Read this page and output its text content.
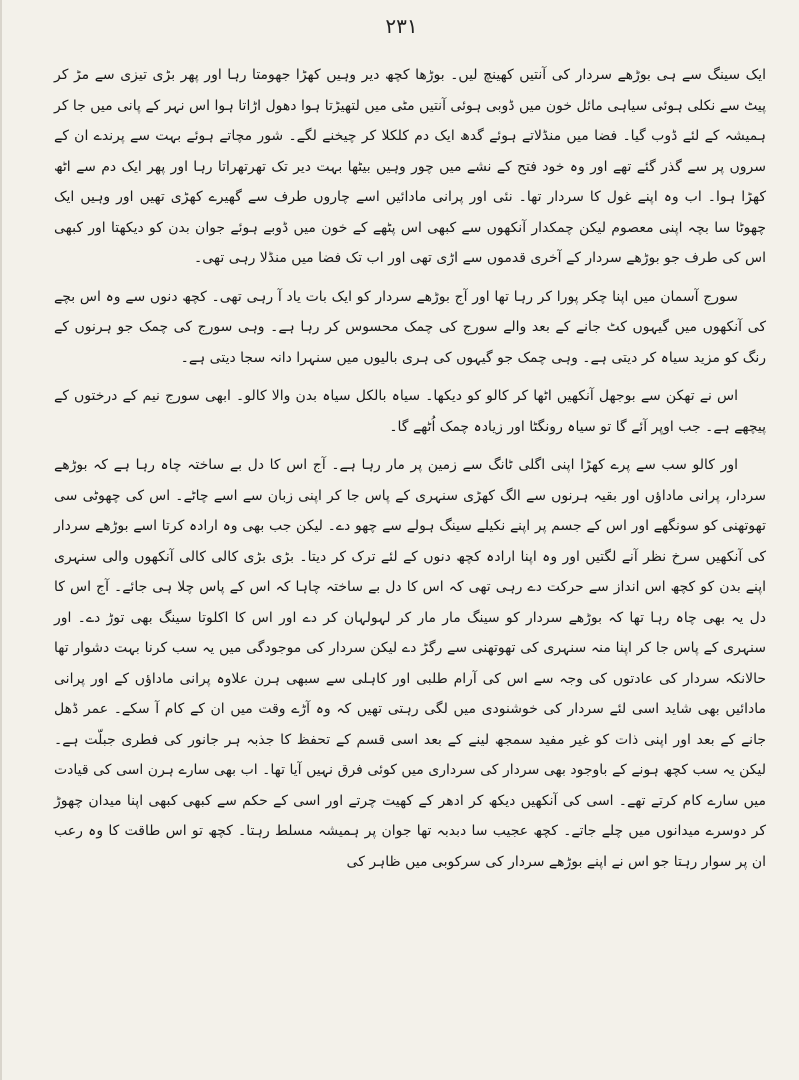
۲۳۱

ایک سینگ سے ہی بوڑھے سردار کی آنتیں کھینچ لیں۔ بوڑھا کچھ دیر وہیں کھڑا جھومتا رہا اور پھر بڑی تیزی سے مڑ کر پیٹ سے نکلی ہوئی سیاہی مائل خون میں ڈوبی ہوئی آنتیں مٹی میں لتھیڑتا ہوا دھول اڑاتا ہوا اس نہر کے پانی میں جا کر ہمیشہ کے لئے ڈوب گیا۔ فضا میں منڈلاتے ہوئے گدھ ایک دم کلکلا کر چیخنے لگے۔ شور مچاتے ہوئے بہت سے پرندے ان کے سروں پر سے گذر گئے تھے اور وہ خود فتح کے نشے میں چور وہیں بیٹھا بہت دیر تک تھرتھراتا رہا اور پھر ایک دم سے اٹھ کھڑا ہوا۔ اب وہ اپنے غول کا سردار تھا۔ نئی اور پرانی مادائیں اسے چاروں طرف سے گھیرے کھڑی تھیں اور وہیں ایک چھوٹا سا بچہ اپنی معصوم لیکن چمکدار آنکھوں سے کبھی اس پٹھے کے خون میں ڈوبے ہوئے جوان بدن کو دیکھتا اور کبھی اس کی طرف جو بوڑھے سردار کے آخری قدموں سے اڑی تھی اور اب تک فضا میں منڈلا رہی تھی۔

سورج آسمان میں اپنا چکر پورا کر رہا تھا اور آج بوڑھے سردار کو ایک بات یاد آ رہی تھی۔ کچھ دنوں سے وہ اس بچے کی آنکھوں میں گیہوں کٹ جانے کے بعد والے سورج کی چمک محسوس کر رہا ہے۔ وہی سورج کی چمک جو ہرنوں کے رنگ کو مزید سیاہ کر دیتی ہے۔ وہی چمک جو گیہوں کی ہری بالیوں میں سنہرا دانہ سجا دیتی ہے۔

اس نے تھکن سے بوجھل آنکھیں اٹھا کر کالو کو دیکھا۔ سیاہ بالکل سیاہ بدن والا کالو۔ ابھی سورج نیم کے درختوں کے پیچھے ہے۔ جب اوپر آئے گا تو سیاہ رونگٹا اور زیادہ چمک اُٹھے گا۔

اور کالو سب سے پرے کھڑا اپنی اگلی ٹانگ سے زمین پر مار رہا ہے۔ آج اس کا دل بے ساختہ چاہ رہا ہے کہ بوڑھے سردار، پرانی ماداؤں اور بقیہ ہرنوں سے الگ کھڑی سنہری کے پاس جا کر اپنی زبان سے اسے چاٹے۔ اس کی چھوٹی سی تھوتھنی کو سونگھے اور اس کے جسم پر اپنے نکیلے سینگ ہولے سے چھو دے۔ لیکن جب بھی وہ ارادہ کرتا اسے بوڑھے سردار کی آنکھیں سرخ نظر آنے لگتیں اور وہ اپنا ارادہ کچھ دنوں کے لئے ترک کر دیتا۔ بڑی بڑی کالی کالی آنکھوں والی سنہری اپنے بدن کو کچھ اس انداز سے حرکت دے رہی تھی کہ اس کا دل بے ساختہ چاہا کہ اس کے پاس چلا ہی جائے۔ آج اس کا دل یہ بھی چاہ رہا تھا کہ بوڑھے سردار کو سینگ مار مار کر لہولہان کر دے اور اس کا اکلوتا سینگ بھی توڑ دے۔ اور سنہری کے پاس جا کر اپنا منہ سنہری کی تھوتھنی سے رگڑ دے لیکن سردار کی موجودگی میں یہ سب کرنا بہت دشوار تھا حالانکہ سردار کی عادتوں کی وجہ سے اس کی آرام طلبی اور کاہلی سے سبھی ہرن علاوہ پرانی ماداؤں کے اور پرانی مادائیں بھی شاید اسی لئے سردار کی خوشنودی میں لگی رہتی تھیں کہ وہ آڑے وقت میں ان کے کام آ سکے۔ عمر ڈھل جانے کے بعد اور اپنی ذات کو غیر مفید سمجھ لینے کے بعد اسی قسم کے تحفظ کا جذبہ ہر جانور کی فطری جبلّت ہے۔ لیکن یہ سب کچھ ہونے کے باوجود بھی سردار کی سرداری میں کوئی فرق نہیں آیا تھا۔ اب بھی سارے ہرن اسی کی قیادت میں سارے کام کرتے تھے۔ اسی کی آنکھیں دیکھ کر ادھر کے کھیت چرتے اور اسی کے حکم سے کبھی کبھی اپنا میدان چھوڑ کر دوسرے میدانوں میں چلے جاتے۔ کچھ عجیب سا دبدبہ تھا جوان پر ہمیشہ مسلط رہتا۔ کچھ تو اس طاقت کا وہ رعب ان پر سوار رہتا جو اس نے اپنے بوڑھے سردار کی سرکوبی میں ظاہر کی
